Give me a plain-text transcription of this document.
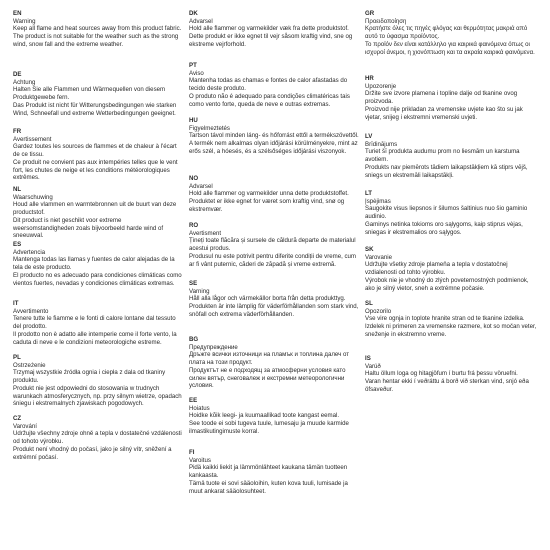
EN
Warning
Keep all flame and heat sources away from this product fabric.
The product is not suitable for the weather such as the strong wind, snow fall and the extreme weather.
DE
Achtung
Halten Sie alle Flammen und Wärmequellen von diesem Produktgewebe fern.
Das Produkt ist nicht für Witterungsbedingungen wie starken Wind, Schneefall und extreme Wetterbedingungen geeignet.
FR
Avertissement
Gardez toutes les sources de flammes et de chaleur à l'écart de ce tissu.
Ce produit ne convient pas aux intempéries telles que le vent fort, les chutes de neige et les conditions météorologiques extrêmes.
NL
Waarschuwing
Houd alle vlammen en warmtebronnen uit de buurt van deze productstof.
Dit product is niet geschikt voor extreme weersomstandigheden zoals bijvoorbeeld harde wind of sneeuwval.
ES
Advertencia
Mantenga todas las llamas y fuentes de calor alejadas de la tela de este producto.
El producto no es adecuado para condiciones climáticas como vientos fuertes, nevadas y condiciones climáticas extremas.
IT
Avvertimento
Tenere tutte le fiamme e le fonti di calore lontane dal tessuto del prodotto.
Il prodotto non è adatto alle intemperie come il forte vento, la caduta di neve e le condizioni meteorologiche estreme.
PL
Ostrzeżenie
Trzymaj wszystkie źródła ognia i ciepła z dala od tkaniny produktu.
Produkt nie jest odpowiedni do stosowania w trudnych warunkach atmosferycznych, np. przy silnym wietrze, opadach śniegu i ekstremalnych zjawiskach pogodowych.
CZ
Varování
Udržujte všechny zdroje ohně a tepla v dostatečné vzdálenosti od tohoto výrobku.
Produkt není vhodný do počasí, jako je silný vítr, sněžení a extrémní počasí.
DK
Advarsel
Hold alle flammer og varmekilder væk fra dette produktstof.
Dette produkt er ikke egnet til vejr såsom kraftig vind, sne og ekstreme vejrforhold.
PT
Aviso
Mantenha todas as chamas e fontes de calor afastadas do tecido deste produto.
O produto não é adequado para condições climatéricas tais como vento forte, queda de neve e outras extremas.
HU
Figyelmeztetés
Tartson távol minden láng- és hőforrást ettől a termékszövettől.
A termék nem alkalmas olyan időjárási körülményekre, mint az erős szél, a hóesés, és a szélsőséges időjárási viszonyok.
NO
Advarsel
Hold alle flammer og varmekilder unna dette produktstoffet.
Produktet er ikke egnet for været som kraftig vind, snø og ekstremvær.
RO
Avertisment
Țineți toate flăcăra și sursele de căldură departe de materialul acestui produs.
Produsul nu este potrivit pentru diferite condiții de vreme, cum ar fi vânt puternic, căderi de zăpadă și vreme extremă.
SE
Varning
Håll alla lågor och värmekällor borta från detta produkttyg.
Produkten är inte lämplig för väderförhållanden som stark vind, snöfall och extrema väderförhållanden.
BG
Предупреждение
Дръжте всички източници на пламък и топлина далеч от плата на този продукт.
Продуктът не е подходящ за атмосферни условия като силен вятър, снеговалеж и екстремни метеорологични условия.
EE
Hoiatus
Hoidke kõik leegi- ja kuumaallikad toote kangast eemal.
See toode ei sobi tugeva tuule, lumesaju ja muude karmide ilmastikutingimuste korral.
FI
Varoitus
Pidä kaikki liekit ja lämmönlähteet kaukana tämän tuotteen kankaasta.
Tämä tuote ei sovi sääoloihin, kuten kova tuuli, lumisade ja muut ankarat sääolosuhteet.
GR
Προειδοποίηση
Κρατήστε όλες τις πηγές φλόγας και θερμότητας μακριά από αυτό το ύφασμα προϊόντος.
Το προϊόν δεν είναι κατάλληλο για καιρικά φαινόμενα όπως οι ισχυροί άνεμοι, η χιονόπτωση και τα ακραία καιρικά φαινόμενα.
HR
Upozorenje
Držite sve izvore plamena i topline dalje od tkanine ovog proizvoda.
Proizvod nije prikladan za vremenske uvjete kao što su jak vjetar, snijeg i ekstremni vremenski uvjeti.
LV
Brīdinājums
Turiet šī produkta audumu prom no liesmām un karstuma avotiem.
Produkts nav piemērots tādiem laikapstākļiem kā stiprs vējš, sniegs un ekstremāli laikapstākļi.
LT
Įspėjimas
Saugokite visus liepsnos ir šilumos šaltinius nuo šio gaminio audinio.
Gaminys netinka tokioms oro sąlygoms, kaip stiprus vėjas, sniegas ir ekstremalios oro sąlygos.
SK
Varovanie
Udržujte všetky zdroje plameňa a tepla v dostatočnej vzdialenosti od tohto výrobku.
Výrobok nie je vhodný do zlých poveternostných podmienok, ako je silný vietor, sneh a extrémne počasie.
SL
Opozorilo
Vse vire ognja in toplote hranite stran od te tkanine izdelka.
Izdelek ni primeren za vremenske razmere, kot so močan veter, sneženje in ekstremno vreme.
IS
Varúð
Haltu öllum loga og hitagjöfum í burtu frá þessu vöruefni.
Varan hentar ekki í veðráttu á borð við sterkan vind, snjó eða öfsaveður.
